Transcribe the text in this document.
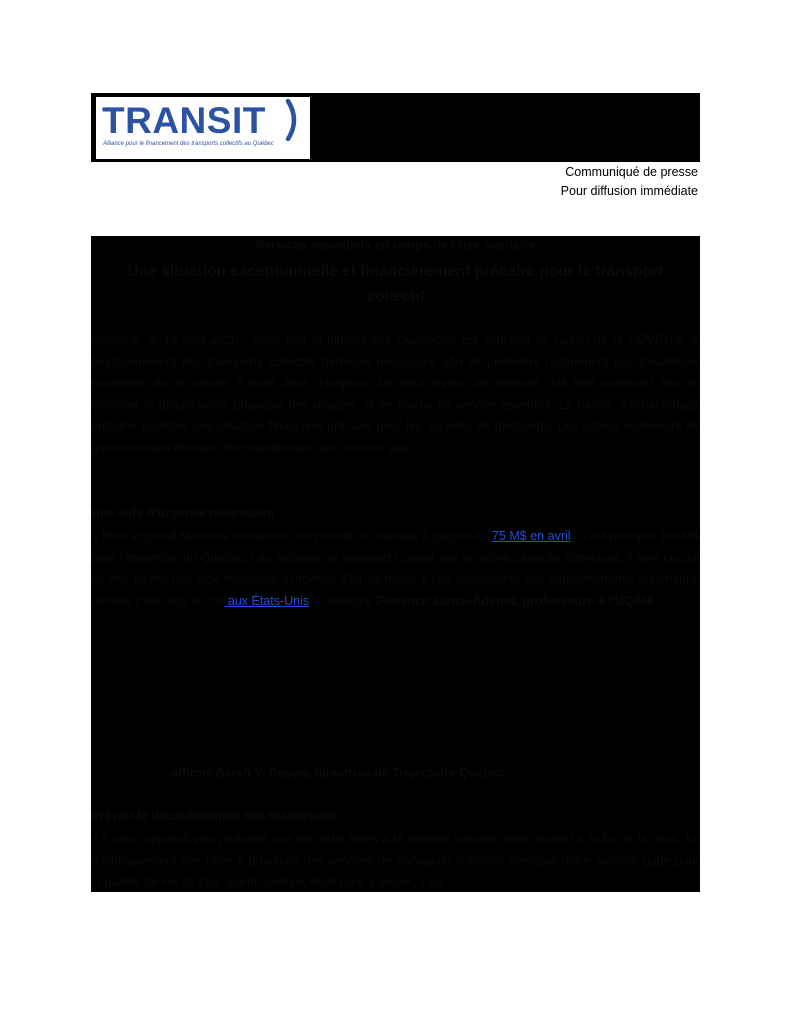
TRANSIT
Alliance pour le financement des transports collectifs au Québec
Communiqué de presse
Pour diffusion immédiate
Services essentiels en temps de crise sanitaire
Une situation exceptionnelle et financièrement précaire pour le transport collectif
Montréal, le 16 avril 2020 - Alors que la plupart des Québécois est confinée en raison de la COVID19, le fonctionnement des transports collectifs demeure nécessaire afin de permettre notamment aux travailleurs essentiels de se rendre à leurs lieux d’emplois. Un haut niveau de services doit être maintenu afin de favoriser la distanciation physique des usagers et de fournir ce service essentiel. La baisse d’achalandage entraîne toutefois une situation financière précaire pour les sociétés de transports. Les paliers supérieurs de gouvernement devront donc rapidement leur venir en aide.
Une aide d’urgence nécessaire
« Pour le grand Montréal seulement, on prévoit un manque à gagner de 75 M$ en avril. C’est presque 100 M$ pour l’ensemble du Québec. Les sociétés de transport n’ayant pas la même capacité d’emprunt, il sera crucial de leur fournir une aide financière d’urgence d’ici les mises à jour budgétaires des gouvernements supérieurs, comme c’est déjà le cas aux États-Unis », souligne Florence Junca-Adenot, professeure à l’UQÀM.
affirme Sarah V. Doyon, directrice de Trajectoire Québec.
Prévoir le déconfinement dès maintenant
« Il nous apparaît peu probable que les défis reliés à la mobilité urbaine aient disparu à la fin de la crise. Le développement des villes à proximité des services de transports collectifs demeure notre meilleur gage pour la qualité de vie du plus grand nombre, mais pour y arriver, il est
